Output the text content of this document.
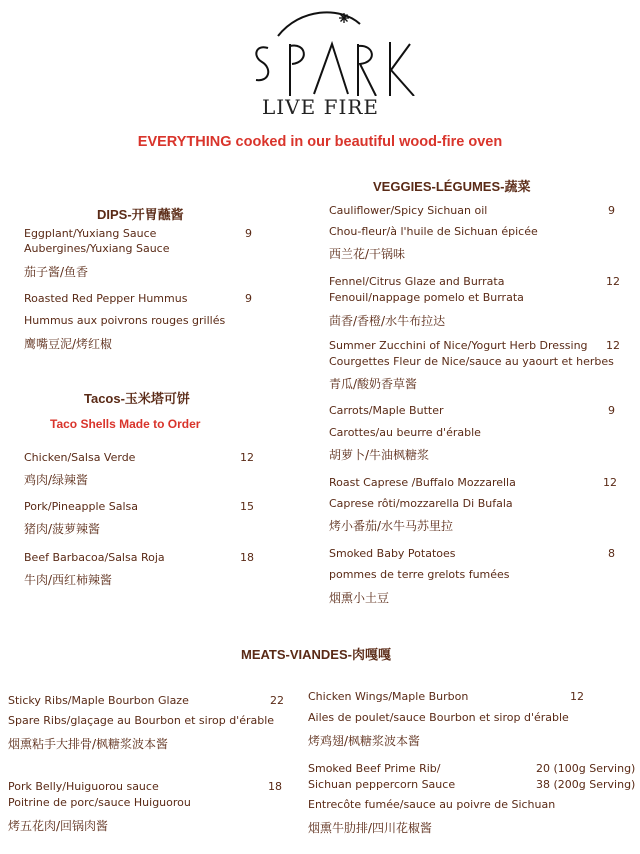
LIVE FIRE
EVERYTHING cooked in our beautiful wood-fire oven
DIPS-开胃蘸酱
Eggplant/Yuxiang Sauce
Aubergines/Yuxiang Sauce
茄子酱/鱼香
9
Roasted Red Pepper Hummus
Hummus aux poivrons rouges grillés
鹰嘴豆泥/烤红椒
9
Tacos-玉米塔可饼
Taco Shells Made to Order
Chicken/Salsa Verde
鸡肉/绿辣酱
12
Pork/Pineapple Salsa
猪肉/菠萝辣酱
15
Beef Barbacoa/Salsa Roja
牛肉/西红柿辣酱
18
VEGGIES-LÉGUMES-蔬菜
Cauliflower/Spicy Sichuan oil
Chou-fleur/à l'huile de Sichuan épicée
西兰花/干锅味
9
Fennel/Citrus Glaze and Burrata
Fenouil/nappage pomelo et Burrata
茴香/香橙/水牛布拉达
12
Summer Zucchini of Nice/Yogurt Herb Dressing
Courgettes Fleur de Nice/sauce au yaourt et herbes
青瓜/酸奶香草酱
12
Carrots/Maple Butter
Carottes/au beurre d'érable
胡萝卜/牛油枫糖浆
9
Roast Caprese /Buffalo Mozzarella
Caprese rôti/mozzarella Di Bufala
烤小番茄/水牛马苏里拉
12
Smoked Baby Potatoes
pommes de terre grelots fumées
烟熏小土豆
8
MEATS-VIANDES-肉嘎嘎
Sticky Ribs/Maple Bourbon Glaze
Spare Ribs/glaçage au Bourbon et sirop d'érable
烟熏粘手大排骨/枫糖浆波本酱
22
Pork Belly/Huiguorou sauce
Poitrine de porc/sauce Huiguorou
烤五花肉/回锅肉酱
18
Chicken Wings/Maple Burbon
Ailes de poulet/sauce Bourbon et sirop d'érable
烤鸡翅/枫糖浆波本酱
12
Smoked Beef Prime Rib/
Sichuan peppercorn Sauce
Entrecôte fumée/sauce au poivre de Sichuan
烟熏牛肋排/四川花椒酱
20 (100g Serving)
38 (200g Serving)
